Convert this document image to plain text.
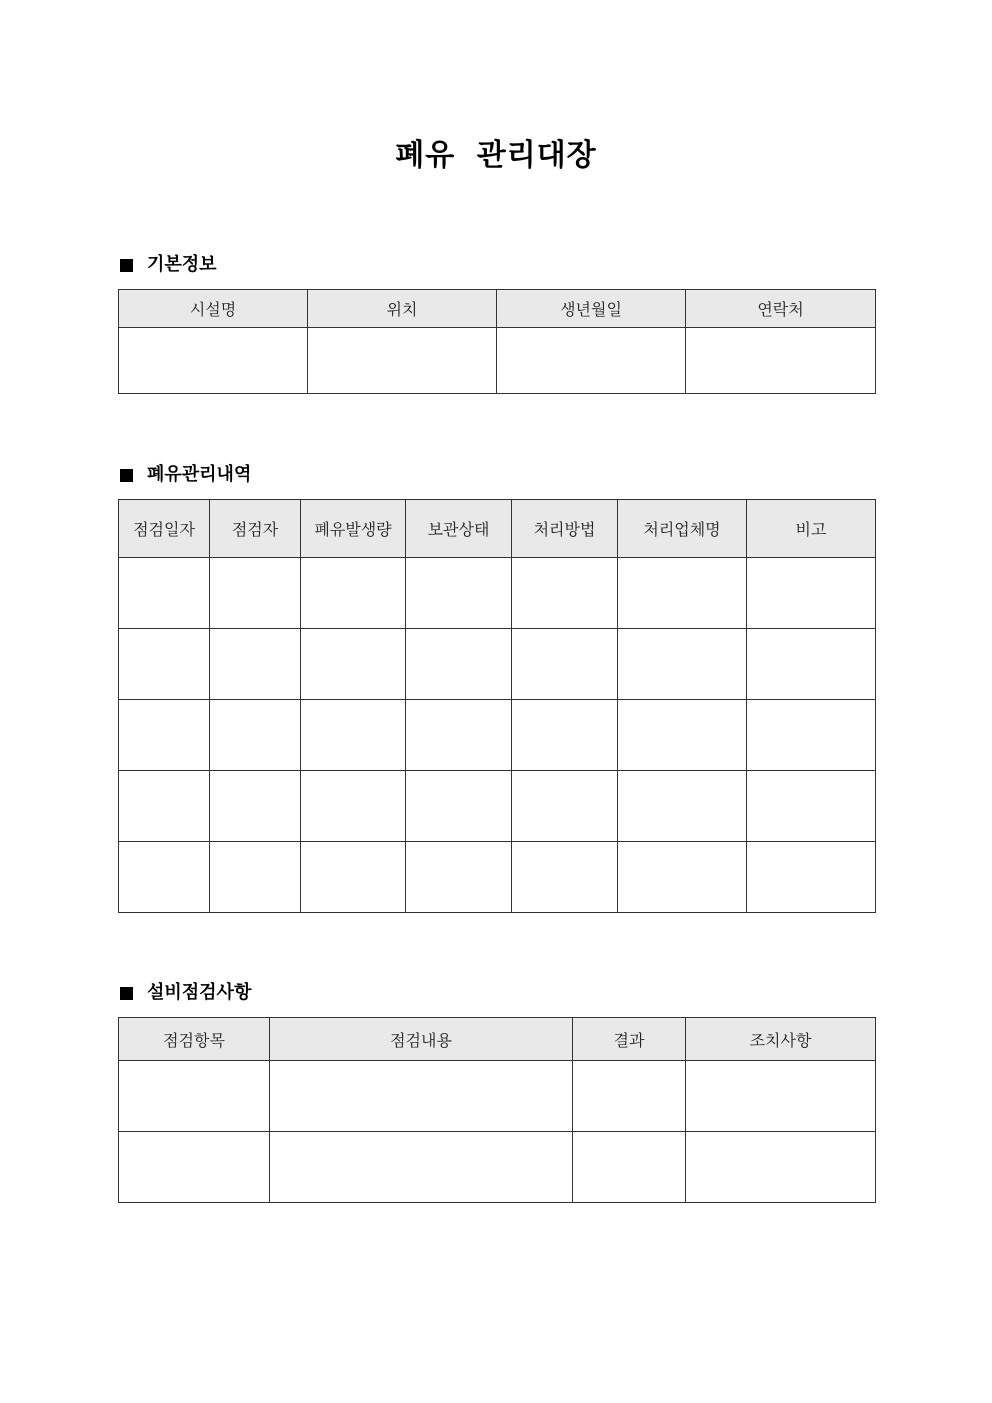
폐유 관리대장
기본정보
시설명	위치	생년월일	연락처

폐유관리내역
점검일자	점검자	폐유발생량	보관상태	처리방법	처리업체명	비고

설비점검사항
점검항목	점검내용	결과	조치사항
